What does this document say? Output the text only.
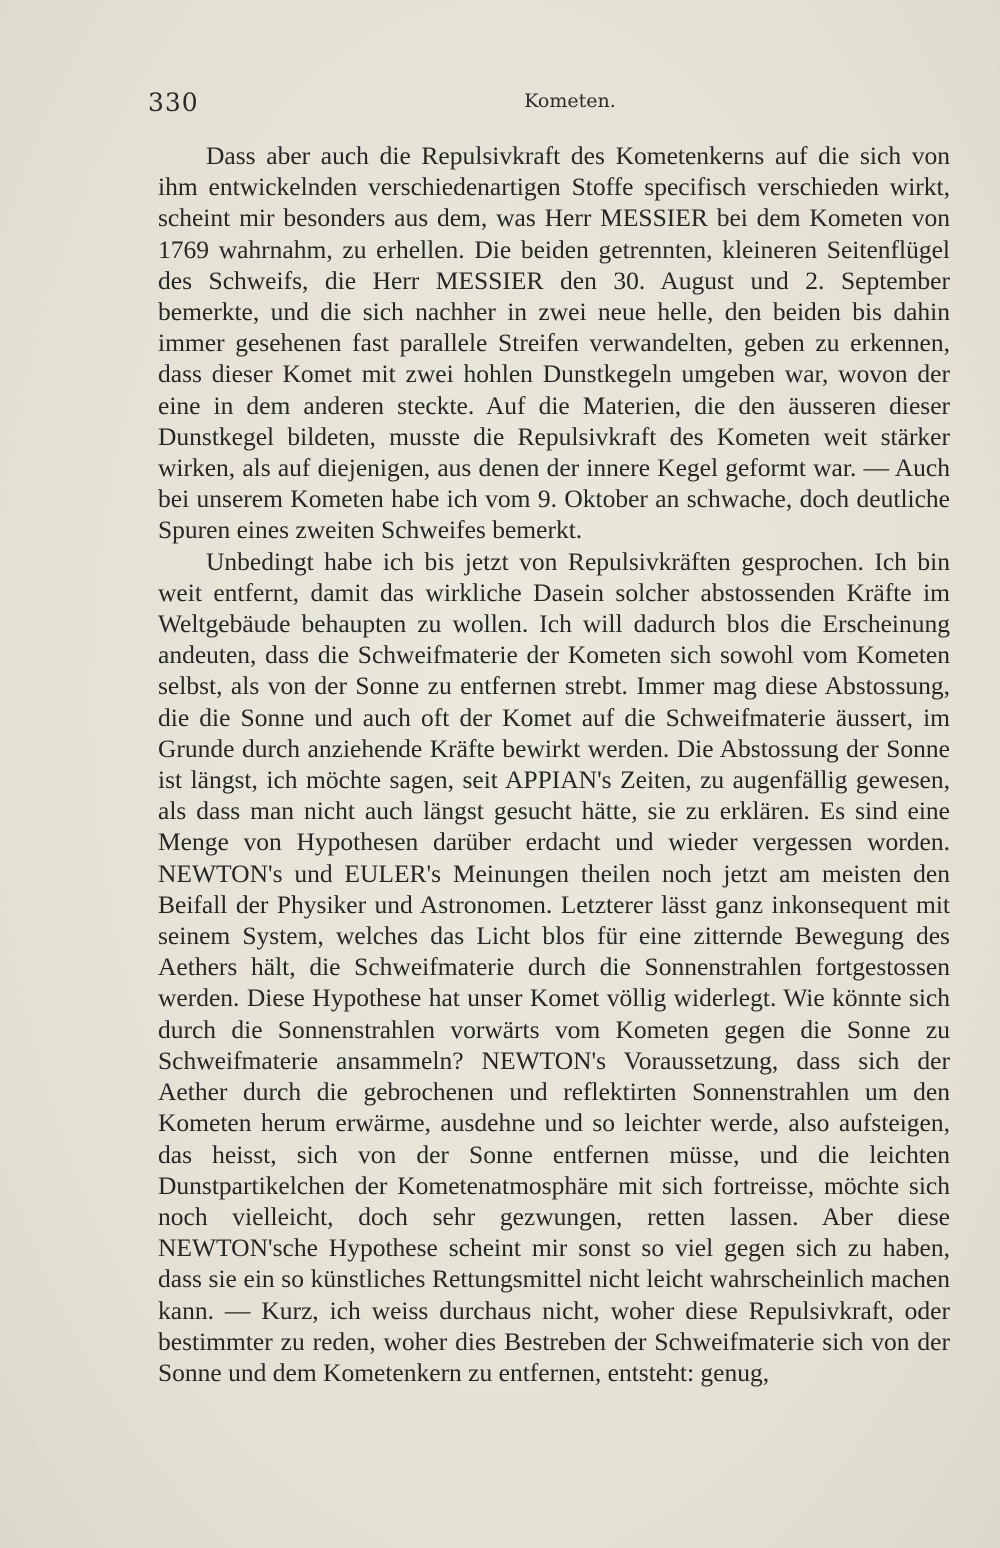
330	Kometen.

Dass aber auch die Repulsivkraft des Kometenkerns auf die sich von ihm entwickelnden verschiedenartigen Stoffe specifisch verschieden wirkt, scheint mir besonders aus dem, was Herr MESSIER bei dem Kometen von 1769 wahrnahm, zu erhellen. Die beiden getrennten, kleineren Seitenflügel des Schweifs, die Herr MESSIER den 30. August und 2. September bemerkte, und die sich nachher in zwei neue helle, den beiden bis dahin immer gesehenen fast parallele Streifen verwandelten, geben zu erkennen, dass dieser Komet mit zwei hohlen Dunstkegeln umgeben war, wovon der eine in dem anderen steckte. Auf die Materien, die den äusseren dieser Dunstkegel bildeten, musste die Repulsivkraft des Kometen weit stärker wirken, als auf diejenigen, aus denen der innere Kegel geformt war. — Auch bei unserem Kometen habe ich vom 9. Oktober an schwache, doch deutliche Spuren eines zweiten Schweifes bemerkt.

Unbedingt habe ich bis jetzt von Repulsivkräften gesprochen. Ich bin weit entfernt, damit das wirkliche Dasein solcher abstossenden Kräfte im Weltgebäude behaupten zu wollen. Ich will dadurch blos die Erscheinung andeuten, dass die Schweifmaterie der Kometen sich sowohl vom Kometen selbst, als von der Sonne zu entfernen strebt. Immer mag diese Abstossung, die die Sonne und auch oft der Komet auf die Schweifmaterie äussert, im Grunde durch anziehende Kräfte bewirkt werden. Die Abstossung der Sonne ist längst, ich möchte sagen, seit APPIAN's Zeiten, zu augenfällig gewesen, als dass man nicht auch längst gesucht hätte, sie zu erklären. Es sind eine Menge von Hypothesen darüber erdacht und wieder vergessen worden. NEWTON's und EULER's Meinungen theilen noch jetzt am meisten den Beifall der Physiker und Astronomen. Letzterer lässt ganz inkonsequent mit seinem System, welches das Licht blos für eine zitternde Bewegung des Aethers hält, die Schweifmaterie durch die Sonnenstrahlen fortgestossen werden. Diese Hypothese hat unser Komet völlig widerlegt. Wie könnte sich durch die Sonnenstrahlen vorwärts vom Kometen gegen die Sonne zu Schweifmaterie ansammeln? NEWTON's Voraussetzung, dass sich der Aether durch die gebrochenen und reflektirten Sonnenstrahlen um den Kometen herum erwärme, ausdehne und so leichter werde, also aufsteigen, das heisst, sich von der Sonne entfernen müsse, und die leichten Dunstpartikelchen der Kometenatmosphäre mit sich fortreisse, möchte sich noch vielleicht, doch sehr gezwungen, retten lassen. Aber diese NEWTON'sche Hypothese scheint mir sonst so viel gegen sich zu haben, dass sie ein so künstliches Rettungsmittel nicht leicht wahrscheinlich machen kann. — Kurz, ich weiss durchaus nicht, woher diese Repulsivkraft, oder bestimmter zu reden, woher dies Bestreben der Schweifmaterie sich von der Sonne und dem Kometenkern zu entfernen, entsteht: genug,
